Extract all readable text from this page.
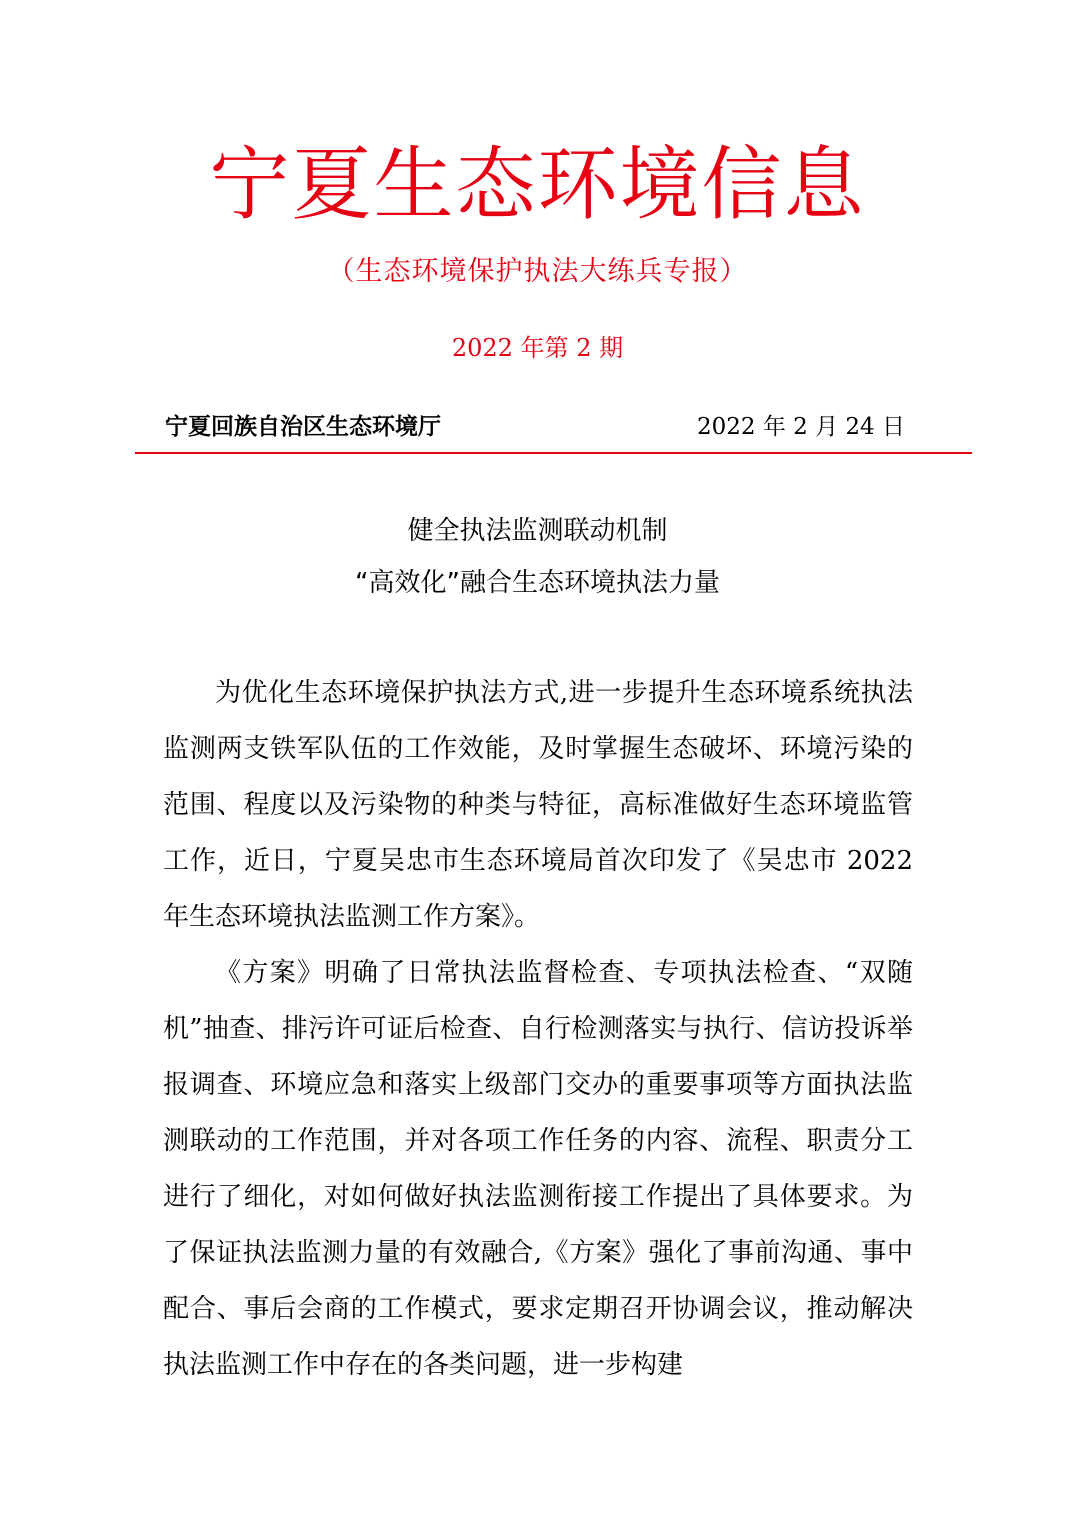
宁夏生态环境信息
（生态环境保护执法大练兵专报）
2022 年第 2 期
宁夏回族自治区生态环境厅	2022 年 2 月 24 日
健全执法监测联动机制
“高效化”融合生态环境执法力量

为优化生态环境保护执法方式,进一步提升生态环境系统执法监测两支铁军队伍的工作效能，及时掌握生态破坏、环境污染的范围、程度以及污染物的种类与特征，高标准做好生态环境监管工作，近日，宁夏吴忠市生态环境局首次印发了《吴忠市 2022 年生态环境执法监测工作方案》。

《方案》明确了日常执法监督检查、专项执法检查、“双随机”抽查、排污许可证后检查、自行检测落实与执行、信访投诉举报调查、环境应急和落实上级部门交办的重要事项等方面执法监测联动的工作范围，并对各项工作任务的内容、流程、职责分工进行了细化，对如何做好执法监测衔接工作提出了具体要求。为了保证执法监测力量的有效融合,《方案》强化了事前沟通、事中配合、事后会商的工作模式，要求定期召开协调会议，推动解决执法监测工作中存在的各类问题，进一步构建
